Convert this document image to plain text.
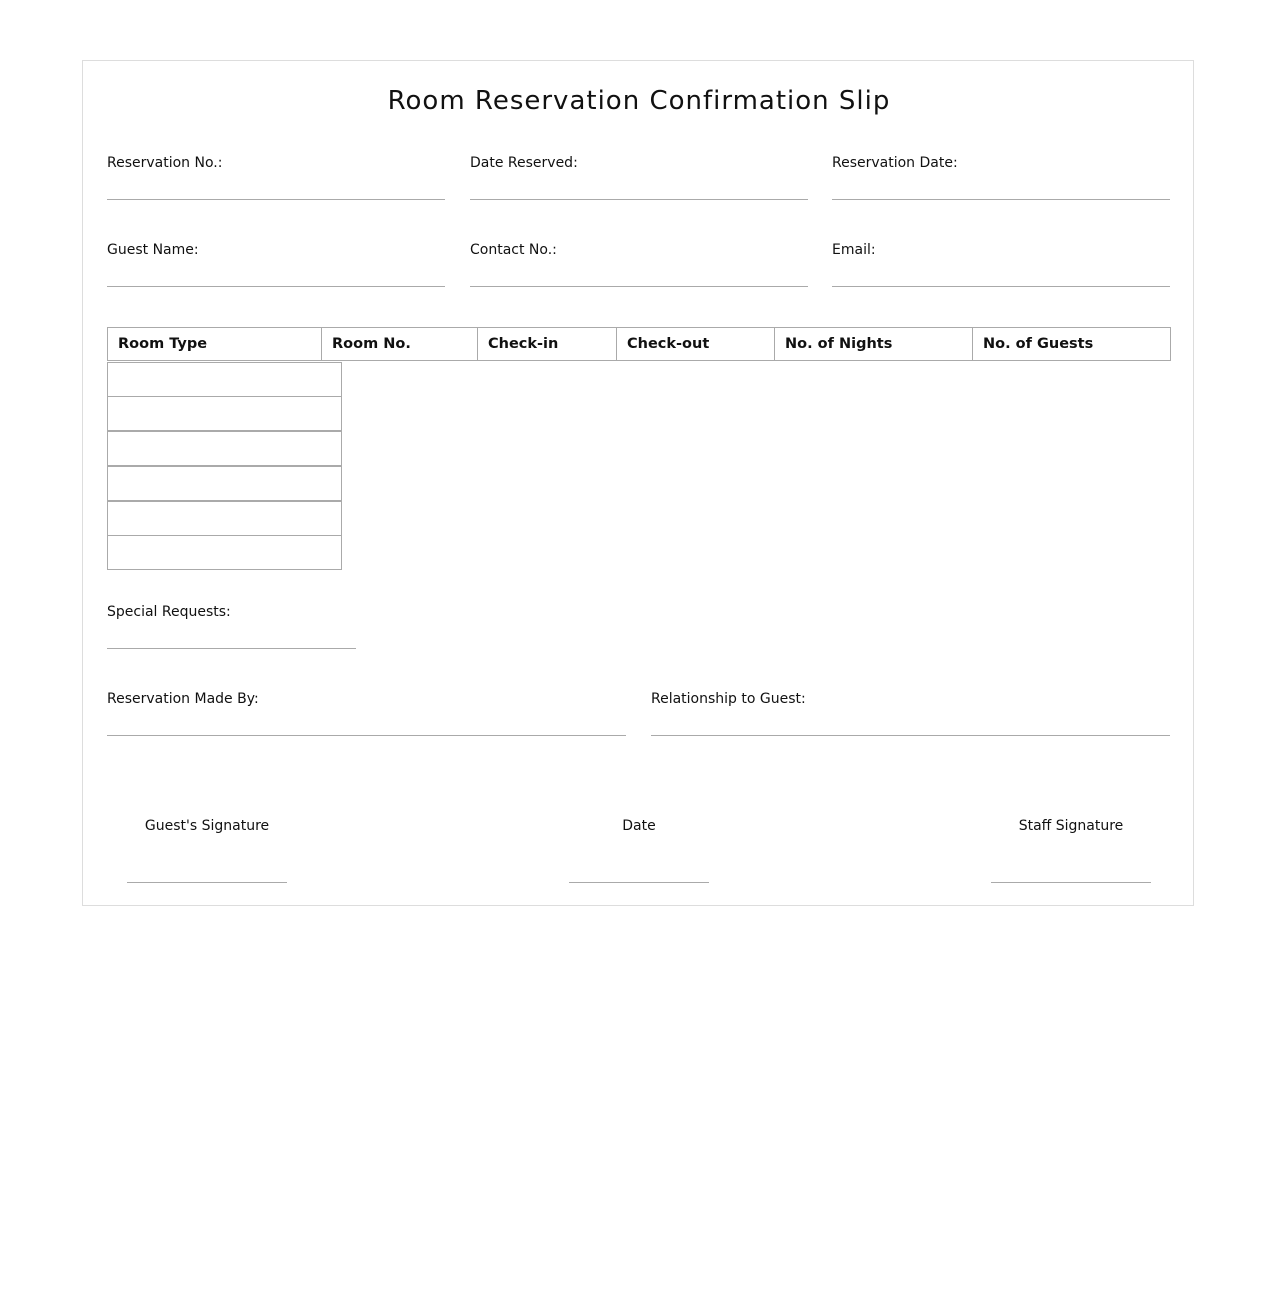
Room Reservation Confirmation Slip
Reservation No.:	Date Reserved:	Reservation Date:
Guest Name:	Contact No.:	Email:
Room Type	Room No.	Check-in	Check-out	No. of Nights	No. of Guests
Special Requests:
Reservation Made By:	Relationship to Guest:
Guest's Signature	Date	Staff Signature
